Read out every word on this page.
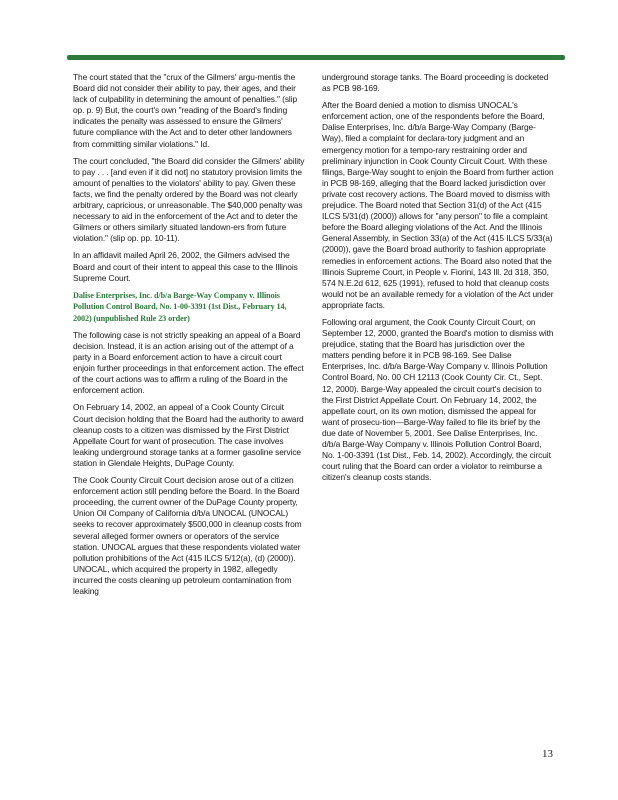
The court stated that the "crux of the Gilmers' argu-mentis the Board did not consider their ability to pay, their ages, and their lack of culpability in determining the amount of penalties." (slip op. p. 9) But, the court's own "reading of the Board's finding indicates the penalty was assessed to ensure the Gilmers' future compliance with the Act and to deter other landowners from committing similar violations." Id.

The court concluded, "the Board did consider the Gilmers' ability to pay . . . [and even if it did not] no statutory provision limits the amount of penalties to the violators' ability to pay. Given these facts, we find the penalty ordered by the Board was not clearly arbitrary, capricious, or unreasonable. The $40,000 penalty was necessary to aid in the enforcement of the Act and to deter the Gilmers or others similarly situated landown-ers from future violation." (slip op. pp. 10-11).

In an affidavit mailed April 26, 2002, the Gilmers advised the Board and court of their intent to appeal this case to the Illinois Supreme Court.

Dalise Enterprises, Inc. d/b/a Barge-Way Company v. Illinois Pollution Control Board, No. 1-00-3391 (1st Dist., February 14, 2002) (unpublished Rule 23 order)

The following case is not strictly speaking an appeal of a Board decision. Instead, it is an action arising out of the attempt of a party in a Board enforcement action to have a circuit court enjoin further proceedings in that enforcement action. The effect of the court actions was to affirm a ruling of the Board in the enforcement action.

On February 14, 2002, an appeal of a Cook County Circuit Court decision holding that the Board had the authority to award cleanup costs to a citizen was dismissed by the First District Appellate Court for want of prosecution. The case involves leaking underground storage tanks at a former gasoline service station in Glendale Heights, DuPage County.

The Cook County Circuit Court decision arose out of a citizen enforcement action still pending before the Board. In the Board proceeding, the current owner of the DuPage County property, Union Oil Company of California d/b/a UNOCAL (UNOCAL) seeks to recover approximately $500,000 in cleanup costs from several alleged former owners or operators of the service station. UNOCAL argues that these respondents violated water pollution prohibitions of the Act (415 ILCS 5/12(a), (d) (2000)). UNOCAL, which acquired the property in 1982, allegedly incurred the costs cleaning up petroleum contamination from leaking

underground storage tanks. The Board proceeding is docketed as PCB 98-169.

After the Board denied a motion to dismiss UNOCAL's enforcement action, one of the respondents before the Board, Dalise Enterprises, Inc. d/b/a Barge-Way Company (Barge-Way), filed a complaint for declara-tory judgment and an emergency motion for a tempo-rary restraining order and preliminary injunction in Cook County Circuit Court. With these filings, Barge-Way sought to enjoin the Board from further action in PCB 98-169, alleging that the Board lacked jurisdiction over private cost recovery actions. The Board moved to dismiss with prejudice. The Board noted that Section 31(d) of the Act (415 ILCS 5/31(d) (2000)) allows for "any person" to file a complaint before the Board alleging violations of the Act. And the Illinois General Assembly, in Section 33(a) of the Act (415 ILCS 5/33(a) (2000)), gave the Board broad authority to fashion appropriate remedies in enforcement actions. The Board also noted that the Illinois Supreme Court, in People v. Fiorini, 143 Ill. 2d 318, 350, 574 N.E.2d 612, 625 (1991), refused to hold that cleanup costs would not be an available remedy for a violation of the Act under appropriate facts.

Following oral argument, the Cook County Circuit Court, on September 12, 2000, granted the Board's motion to dismiss with prejudice, stating that the Board has jurisdiction over the matters pending before it in PCB 98-169. See Dalise Enterprises, Inc. d/b/a Barge-Way Company v. Illinois Pollution Control Board, No. 00 CH 12113 (Cook County Cir. Ct., Sept. 12, 2000). Barge-Way appealed the circuit court's decision to the First District Appellate Court. On February 14, 2002, the appellate court, on its own motion, dismissed the appeal for want of prosecu-tion—Barge-Way failed to file its brief by the due date of November 5, 2001. See Dalise Enterprises, Inc. d/b/a Barge-Way Company v. Illinois Pollution Control Board, No. 1-00-3391 (1st Dist., Feb. 14, 2002). Accordingly, the circuit court ruling that the Board can order a violator to reimburse a citizen's cleanup costs stands.

13
